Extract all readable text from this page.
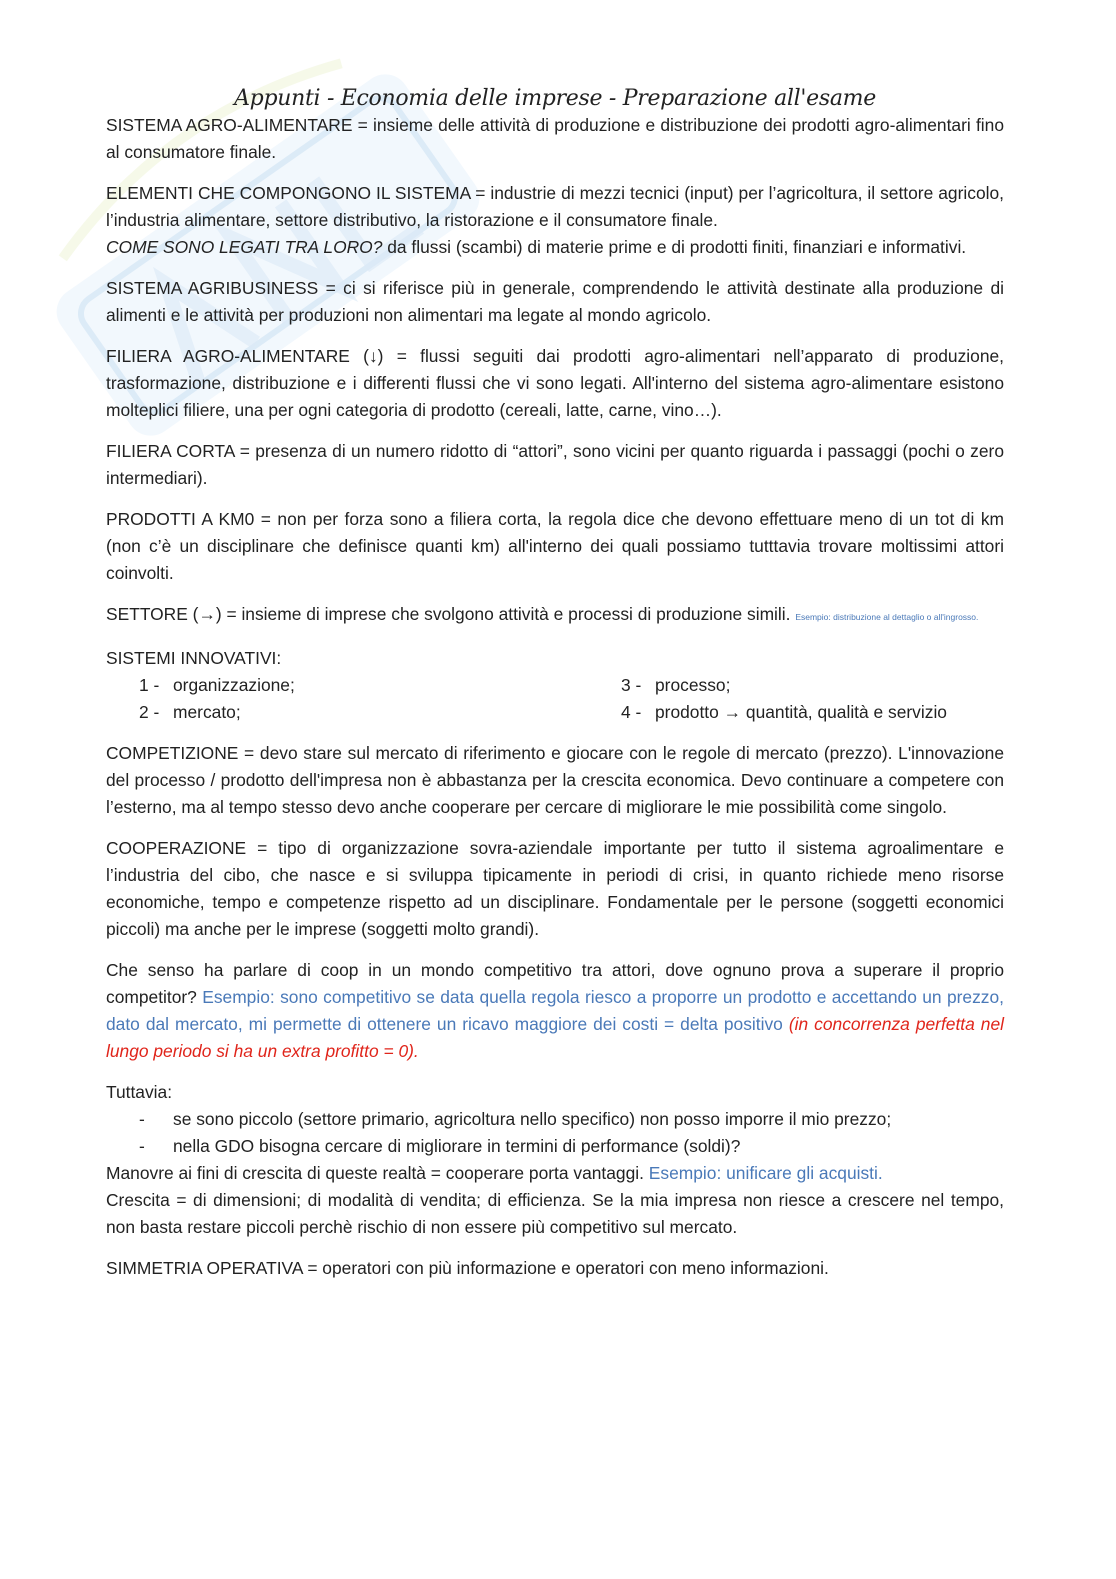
Appunti - Economia delle imprese - Preparazione all'esame

SISTEMA AGRO-ALIMENTARE = insieme delle attività di produzione e distribuzione dei prodotti agro-alimentari fino al consumatore finale.

ELEMENTI CHE COMPONGONO IL SISTEMA = industrie di mezzi tecnici (input) per l’agricoltura, il settore agricolo, l’industria alimentare, settore distributivo, la ristorazione e il consumatore finale.

COME SONO LEGATI TRA LORO? da flussi (scambi) di materie prime e di prodotti finiti, finanziari e informativi.

SISTEMA AGRIBUSINESS = ci si riferisce più in generale, comprendendo le attività destinate alla produzione di alimenti e le attività per produzioni non alimentari ma legate al mondo agricolo.

FILIERA AGRO-ALIMENTARE (↓) = flussi seguiti dai prodotti agro-alimentari nell’apparato di produzione, trasformazione, distribuzione e i differenti flussi che vi sono legati. All'interno del sistema agro-alimentare esistono molteplici filiere, una per ogni categoria di prodotto (cereali, latte, carne, vino…).

FILIERA CORTA = presenza di un numero ridotto di “attori”, sono vicini per quanto riguarda i passaggi (pochi o zero intermediari).

PRODOTTI A KM0 = non per forza sono a filiera corta, la regola dice che devono effettuare meno di un tot di km (non c’è un disciplinare che definisce quanti km) all'interno dei quali possiamo tutttavia trovare moltissimi attori coinvolti.

SETTORE (→) = insieme di imprese che svolgono attività e processi di produzione simili. Esempio: distribuzione al dettaglio o all'ingrosso.

SISTEMI INNOVATIVI:

1 - organizzazione;	3 - processo;
2 - mercato;	4 - prodotto → quantità, qualità e servizio

COMPETIZIONE = devo stare sul mercato di riferimento e giocare con le regole di mercato (prezzo). L'innovazione del processo / prodotto dell'impresa non è abbastanza per la crescita economica. Devo continuare a competere con l’esterno, ma al tempo stesso devo anche cooperare per cercare di migliorare le mie possibilità come singolo.

COOPERAZIONE = tipo di organizzazione sovra-aziendale importante per tutto il sistema agroalimentare e l’industria del cibo, che nasce e si sviluppa tipicamente in periodi di crisi, in quanto richiede meno risorse economiche, tempo e competenze rispetto ad un disciplinare. Fondamentale per le persone (soggetti economici piccoli) ma anche per le imprese (soggetti molto grandi).

Che senso ha parlare di coop in un mondo competitivo tra attori, dove ognuno prova a superare il proprio competitor? Esempio: sono competitivo se data quella regola riesco a proporre un prodotto e accettando un prezzo, dato dal mercato, mi permette di ottenere un ricavo maggiore dei costi = delta positivo (in concorrenza perfetta nel lungo periodo si ha un extra profitto = 0).

Tuttavia:

-	se sono piccolo (settore primario, agricoltura nello specifico) non posso imporre il mio prezzo;
-	nella GDO bisogna cercare di migliorare in termini di performance (soldi)?

Manovre ai fini di crescita di queste realtà = cooperare porta vantaggi. Esempio: unificare gli acquisti.

Crescita = di dimensioni; di modalità di vendita; di efficienza. Se la mia impresa non riesce a crescere nel tempo, non basta restare piccoli perchè rischio di non essere più competitivo sul mercato.

SIMMETRIA OPERATIVA = operatori con più informazione e operatori con meno informazioni.
